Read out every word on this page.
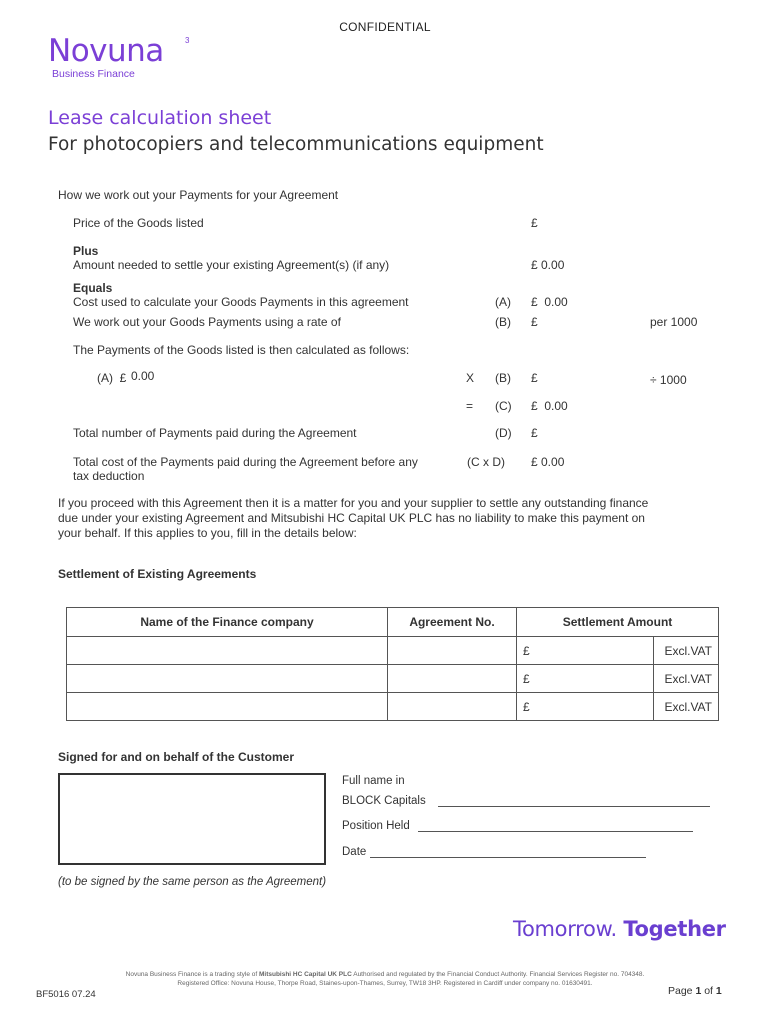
CONFIDENTIAL
Novuna	3
Business Finance
Lease calculation sheet
For photocopiers and telecommunications equipment
How we work out your Payments for your Agreement
Price of the Goods listed	£
Plus
Amount needed to settle your existing Agreement(s) (if any)	£ 0.00
Equals
Cost used to calculate your Goods Payments in this agreement	(A) £  0.00
We work out your Goods Payments using a rate of	(B) £	per 1000
The Payments of the Goods listed is then calculated as follows:
(A)  £ 0.00	X (B) £	÷ 1000
= (C) £  0.00
Total number of Payments paid during the Agreement	(D) £
Total cost of the Payments paid during the Agreement before any
tax deduction
(C x D) £ 0.00
If you proceed with this Agreement then it is a matter for you and your supplier to settle any outstanding finance
due under your existing Agreement and Mitsubishi HC Capital UK PLC has no liability to make this payment on
your behalf. If this applies to you, fill in the details below:
Settlement of Existing Agreements
Name of the Finance company	Agreement No.	Settlement Amount	
		£	Excl.VAT
		£	Excl.VAT
		£	Excl.VAT
Signed for and on behalf of the Customer
Full name in
BLOCK Capitals
Position Held
Date
(to be signed by the same person as the Agreement)
Tomorrow. Together
Novuna Business Finance is a trading style of Mitsubishi HC Capital UK PLC Authorised and regulated by the Financial Conduct Authority. Financial Services Register no. 704348.
Registered Office: Novuna House, Thorpe Road, Staines-upon-Thames, Surrey, TW18 3HP. Registered in Cardiff under company no. 01630491.
BF5016 07.24	Page 1 of 1
